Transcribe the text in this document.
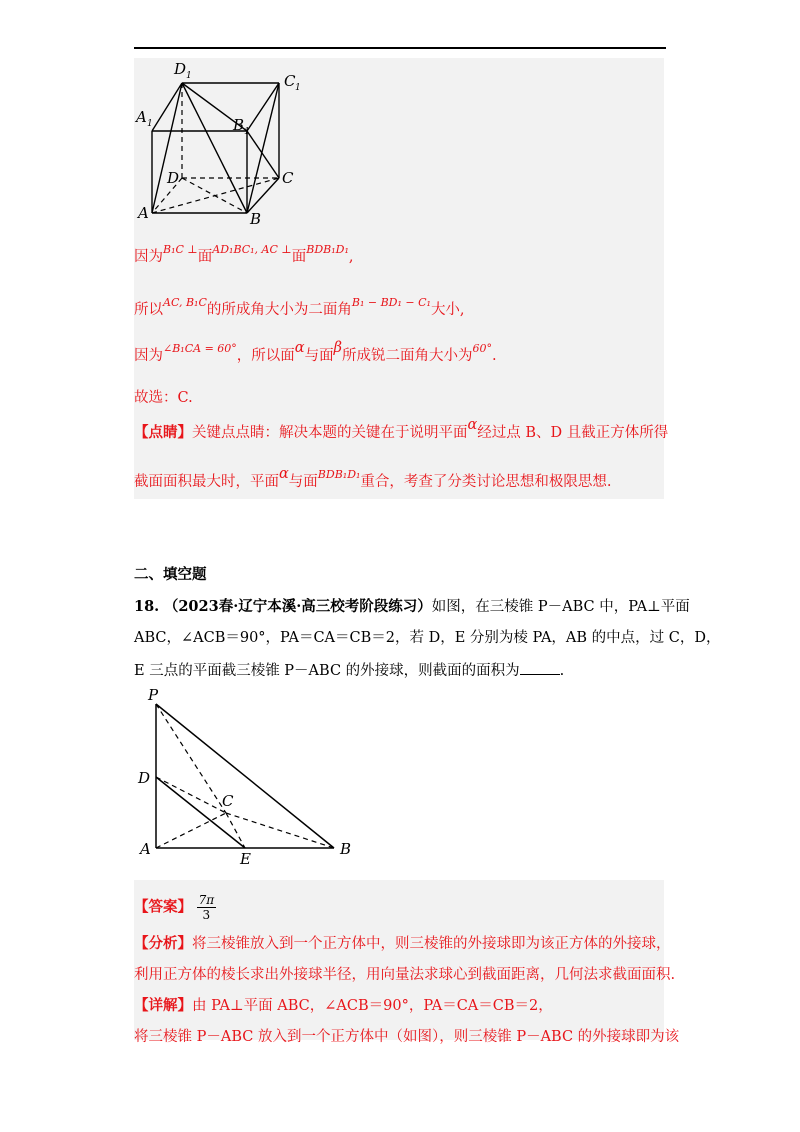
D 1	C 1
A 1	B 1
D	C
A	B
因为$^{B_1C \perp}$面$^{AD_1BC_1, AC \perp}$面$^{BDB_1D_1}$,
所以$^{AC, B_1C}$的所成角大小为二面角$^{B_1 - BD_1 - C_1}$大小,
因为$^{\angle B_1CA = 60^\circ}$，所以面α与面β所成锐二面角大小为$^{60^\circ}$.
故选：C.
【点睛】关键点点睛：解决本题的关键在于说明平面α经过点 B、D 且截正方体所得
截面面积最大时，平面α与面$^{BDB_1D_1}$重合，考查了分类讨论思想和极限思想.
二、填空题
18. （2023春·辽宁本溪·高三校考阶段练习）如图，在三棱锥 P－ABC 中，PA⊥平面
ABC，∠ACB＝90°，PA＝CA＝CB＝2，若 D，E 分别为棱 PA，AB 的中点，过 C，D，
E 三点的平面截三棱锥 P－ABC 的外接球，则截面的面积为	.
P
D
C
A
E
B
【答案】 $\frac{7\pi}{3}$
【分析】将三棱锥放入到一个正方体中，则三棱锥的外接球即为该正方体的外接球，
利用正方体的棱长求出外接球半径，用向量法求球心到截面距离，几何法求截面面积.
【详解】由 PA⊥平面 ABC，∠ACB＝90°，PA＝CA＝CB＝2，
将三棱锥 P－ABC 放入到一个正方体中（如图），则三棱锥 P－ABC 的外接球即为该
